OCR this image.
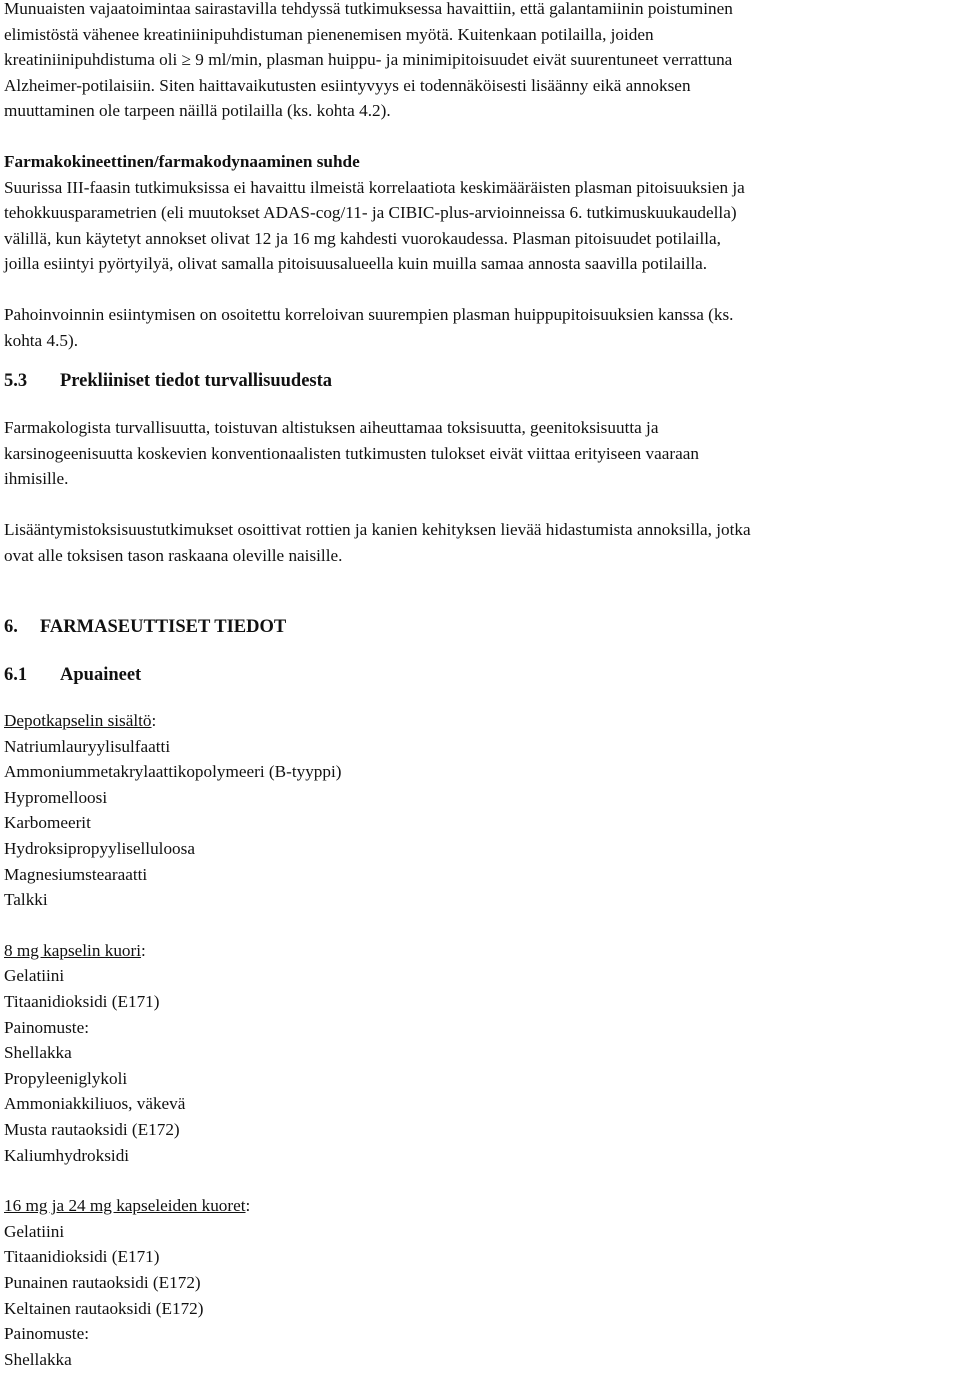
Munuaisten vajaatoimintaa sairastavilla tehdyssä tutkimuksessa havaittiin, että galantamiinin poistuminen

elimistöstä vähenee kreatiniinipuhdistuman pienenemisen myötä. Kuitenkaan potilailla, joiden

kreatiniinipuhdistuma oli ≥ 9 ml/min, plasman huippu- ja minimipitoisuudet eivät suurentuneet verrattuna

Alzheimer-potilaisiin. Siten haittavaikutusten esiintyvyys ei todennäköisesti lisäänny eikä annoksen

muuttaminen ole tarpeen näillä potilailla (ks. kohta 4.2).

Farmakokineettinen/farmakodynaaminen suhde

Suurissa III-faasin tutkimuksissa ei havaittu ilmeistä korrelaatiota keskimääräisten plasman pitoisuuksien ja

tehokkuusparametrien (eli muutokset ADAS-cog/11- ja CIBIC-plus-arvioinneissa 6. tutkimuskuukaudella)

välillä, kun käytetyt annokset olivat 12 ja 16 mg kahdesti vuorokaudessa. Plasman pitoisuudet potilailla,

joilla esiintyi pyörtyilyä, olivat samalla pitoisuusalueella kuin muilla samaa annosta saavilla potilailla.

Pahoinvoinnin esiintymisen on osoitettu korreloivan suurempien plasman huippupitoisuuksien kanssa (ks.

kohta 4.5).

5.3 Prekliiniset tiedot turvallisuudesta

Farmakologista turvallisuutta, toistuvan altistuksen aiheuttamaa toksisuutta, geenitoksisuutta ja

karsinogeenisuutta koskevien konventionaalisten tutkimusten tulokset eivät viittaa erityiseen vaaraan

ihmisille.

Lisääntymistoksisuustutkimukset osoittivat rottien ja kanien kehityksen lievää hidastumista annoksilla, jotka

ovat alle toksisen tason raskaana oleville naisille.

6. FARMASEUTTISET TIEDOT

6.1 Apuaineet

Depotkapselin sisältö:

Natriumlauryylisulfaatti
Ammoniummetakrylaattikopolymeeri (B-tyyppi)
Hypromelloosi
Karbomeerit
Hydroksipropyyliselluloosa
Magnesiumstearaatti
Talkki

8 mg kapselin kuori:

Gelatiini
Titaanidioksidi (E171)
Painomuste:
Shellakka
Propyleeniglykoli
Ammoniakkiliuos, väkevä
Musta rautaoksidi (E172)
Kaliumhydroksidi

16 mg ja 24 mg kapseleiden kuoret:

Gelatiini
Titaanidioksidi (E171)
Punainen rautaoksidi (E172)
Keltainen rautaoksidi (E172)
Painomuste:
Shellakka
